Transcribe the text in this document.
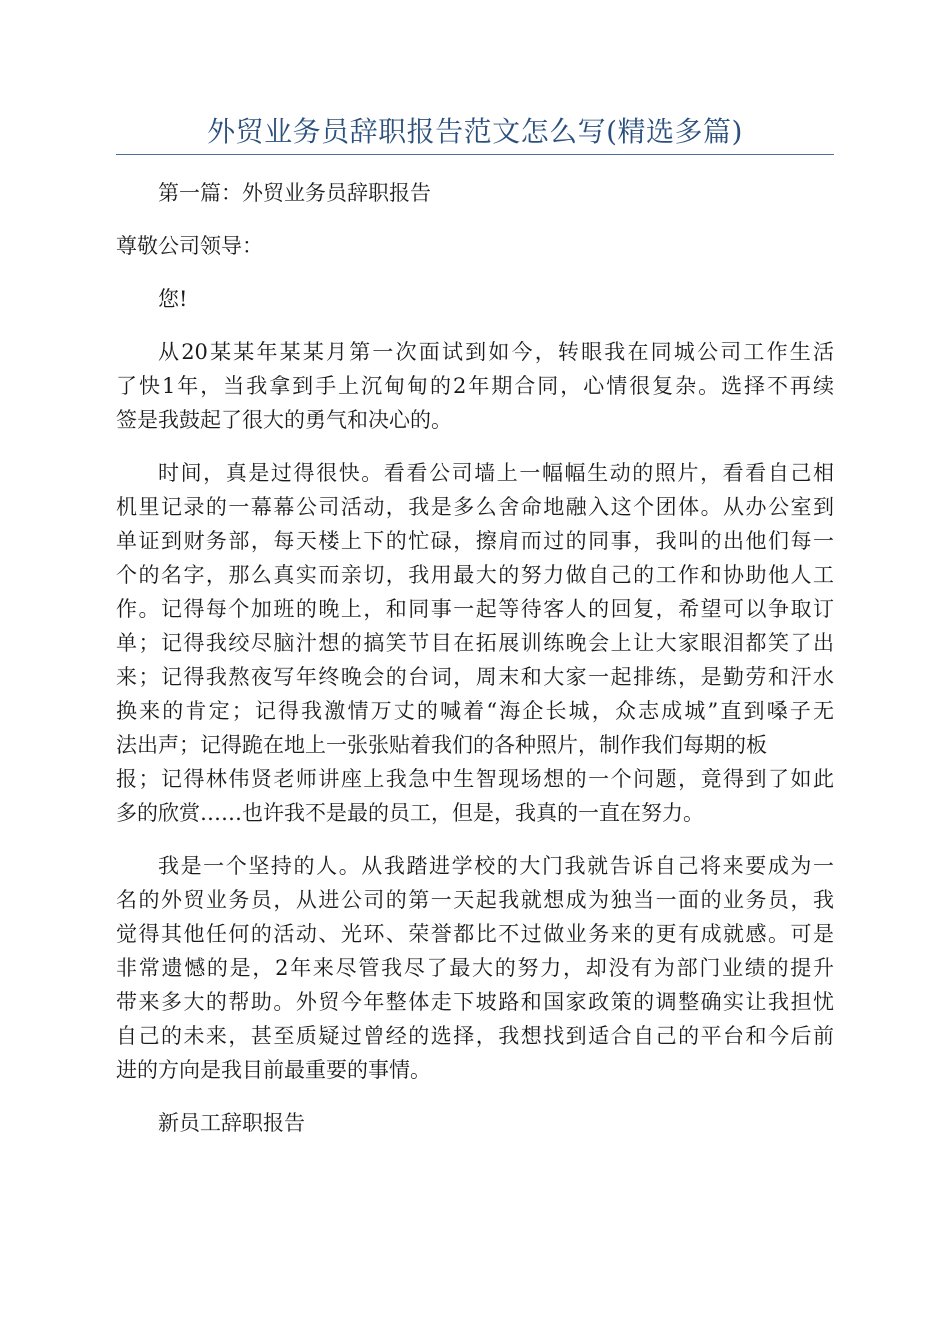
外贸业务员辞职报告范文怎么写(精选多篇)

第一篇：外贸业务员辞职报告

尊敬公司领导：

您!

从20某某年某某月第一次面试到如今，转眼我在同城公司工作生活
了快1年，当我拿到手上沉甸甸的2年期合同，心情很复杂。选择不再续
签是我鼓起了很大的勇气和决心的。

时间，真是过得很快。看看公司墙上一幅幅生动的照片，看看自己相
机里记录的一幕幕公司活动，我是多么舍命地融入这个团体。从办公室到
单证到财务部，每天楼上下的忙碌，擦肩而过的同事，我叫的出他们每一
个的名字，那么真实而亲切，我用最大的努力做自己的工作和协助他人工
作。记得每个加班的晚上，和同事一起等待客人的回复，希望可以争取订
单；记得我绞尽脑汁想的搞笑节目在拓展训练晚会上让大家眼泪都笑了出
来；记得我熬夜写年终晚会的台词，周末和大家一起排练，是勤劳和汗水
换来的肯定；记得我激情万丈的喊着“海企长城，众志成城”直到嗓子无
法出声；记得跪在地上一张张贴着我们的各种照片，制作我们每期的板
报；记得林伟贤老师讲座上我急中生智现场想的一个问题，竟得到了如此
多的欣赏……也许我不是最的员工，但是，我真的一直在努力。

我是一个坚持的人。从我踏进学校的大门我就告诉自己将来要成为一
名的外贸业务员，从进公司的第一天起我就想成为独当一面的业务员，我
觉得其他任何的活动、光环、荣誉都比不过做业务来的更有成就感。可是
非常遗憾的是，2年来尽管我尽了最大的努力，却没有为部门业绩的提升
带来多大的帮助。外贸今年整体走下坡路和国家政策的调整确实让我担忧
自己的未来，甚至质疑过曾经的选择，我想找到适合自己的平台和今后前
进的方向是我目前最重要的事情。

新员工辞职报告
